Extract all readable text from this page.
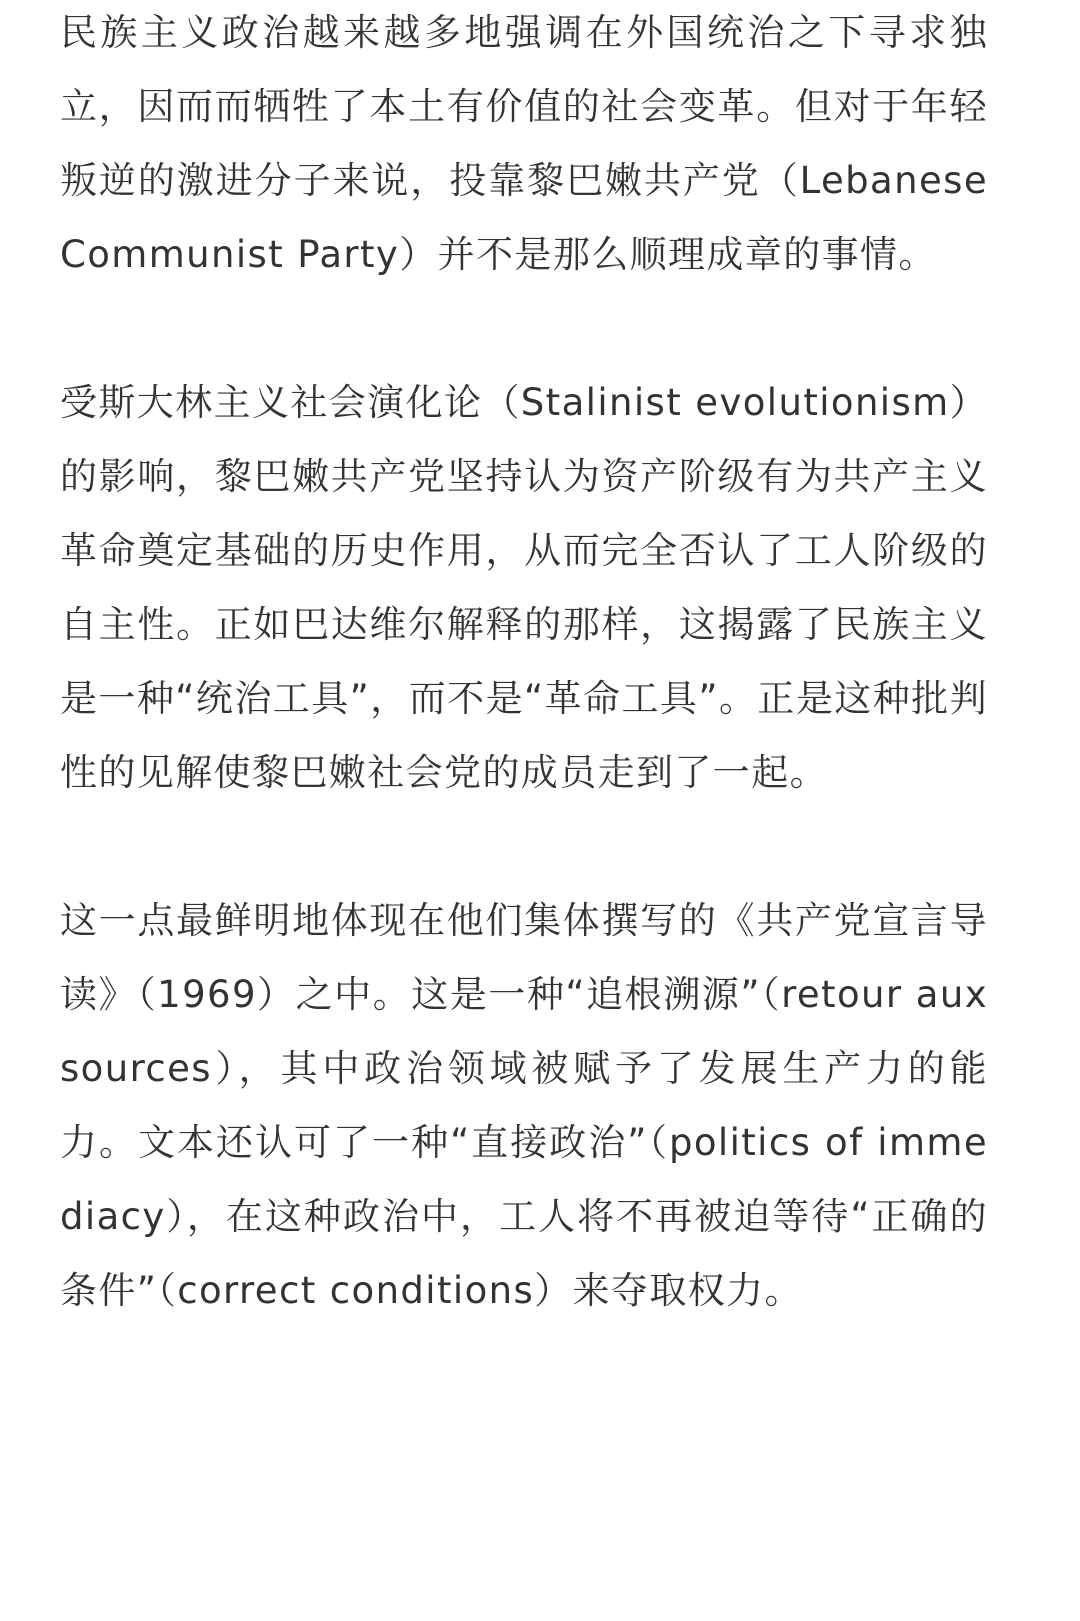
民族主义政治越来越多地强调在外国统治之下寻求独立，因而而牺牲了本土有价值的社会变革。但对于年轻叛逆的激进分子来说，投靠黎巴嫩共产党（Lebanese Communist Party）并不是那么顺理成章的事情。

受斯大林主义社会演化论（Stalinist evolutionism）的影响，黎巴嫩共产党坚持认为资产阶级有为共产主义革命奠定基础的历史作用，从而完全否认了工人阶级的自主性。正如巴达维尔解释的那样，这揭露了民族主义是一种“统治工具”，而不是“革命工具”。正是这种批判性的见解使黎巴嫩社会党的成员走到了一起。

这一点最鲜明地体现在他们集体撰写的《共产党宣言导读》（1969）之中。这是一种“追根溯源”（retour aux sources），其中政治领域被赋予了发展生产力的能力。文本还认可了一种“直接政治”（politics of immediacy），在这种政治中，工人将不再被迫等待“正确的条件”（correct conditions）来夺取权力。
